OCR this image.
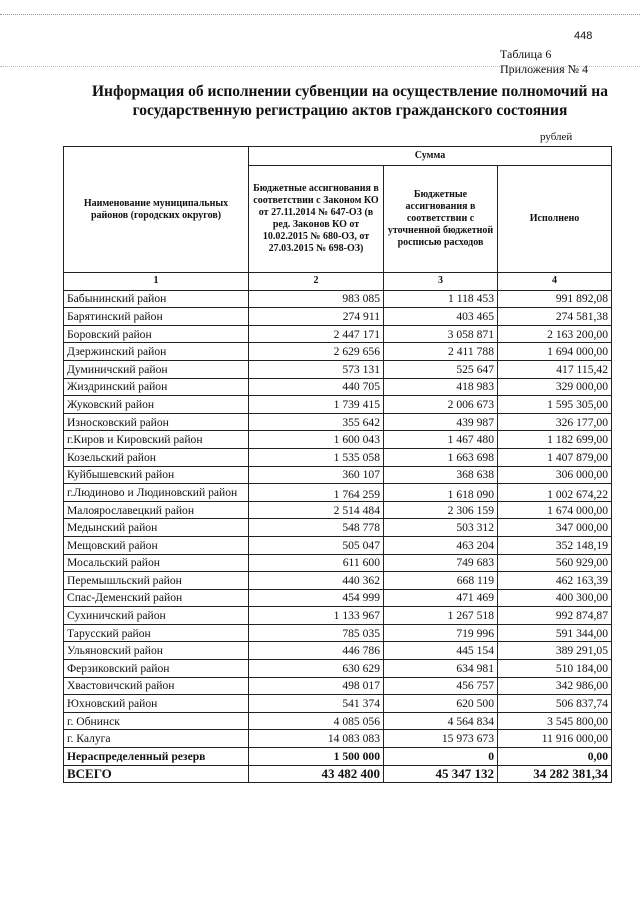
448
Таблица 6
Приложения № 4
Информация об исполнении субвенции на осуществление полномочий на
государственную регистрацию актов гражданского состояния
рублей
Наименование муниципальных районов (городских округов)	Сумма		
	Бюджетные ассигнования в соответствии с Законом КО от 27.11.2014 № 647-ОЗ (в ред. Законов КО от 10.02.2015 № 680-ОЗ, от 27.03.2015 № 698-ОЗ)	Бюджетные ассигнования в соответствии с уточненной бюджетной росписью расходов	Исполнено
1	2	3	4
Бабынинский район	983 085	1 118 453	991 892,08
Барятинский район	274 911	403 465	274 581,38
Боровский район	2 447 171	3 058 871	2 163 200,00
Дзержинский район	2 629 656	2 411 788	1 694 000,00
Думиничский район	573 131	525 647	417 115,42
Жиздринский район	440 705	418 983	329 000,00
Жуковский район	1 739 415	2 006 673	1 595 305,00
Износковский район	355 642	439 987	326 177,00
г.Киров и Кировский район	1 600 043	1 467 480	1 182 699,00
Козельский район	1 535 058	1 663 698	1 407 879,00
Куйбышевский район	360 107	368 638	306 000,00
г.Людиново и Людиновский район	1 764 259	1 618 090	1 002 674,22
Малоярославецкий район	2 514 484	2 306 159	1 674 000,00
Медынский район	548 778	503 312	347 000,00
Мещовский район	505 047	463 204	352 148,19
Мосальский район	611 600	749 683	560 929,00
Перемышльский район	440 362	668 119	462 163,39
Спас-Деменский район	454 999	471 469	400 300,00
Сухиничский район	1 133 967	1 267 518	992 874,87
Тарусский район	785 035	719 996	591 344,00
Ульяновский район	446 786	445 154	389 291,05
Ферзиковский район	630 629	634 981	510 184,00
Хвастовичский район	498 017	456 757	342 986,00
Юхновский район	541 374	620 500	506 837,74
г. Обнинск	4 085 056	4 564 834	3 545 800,00
г. Калуга	14 083 083	15 973 673	11 916 000,00
Нераспределенный резерв	1 500 000	0	0,00
ВСЕГО	43 482 400	45 347 132	34 282 381,34
